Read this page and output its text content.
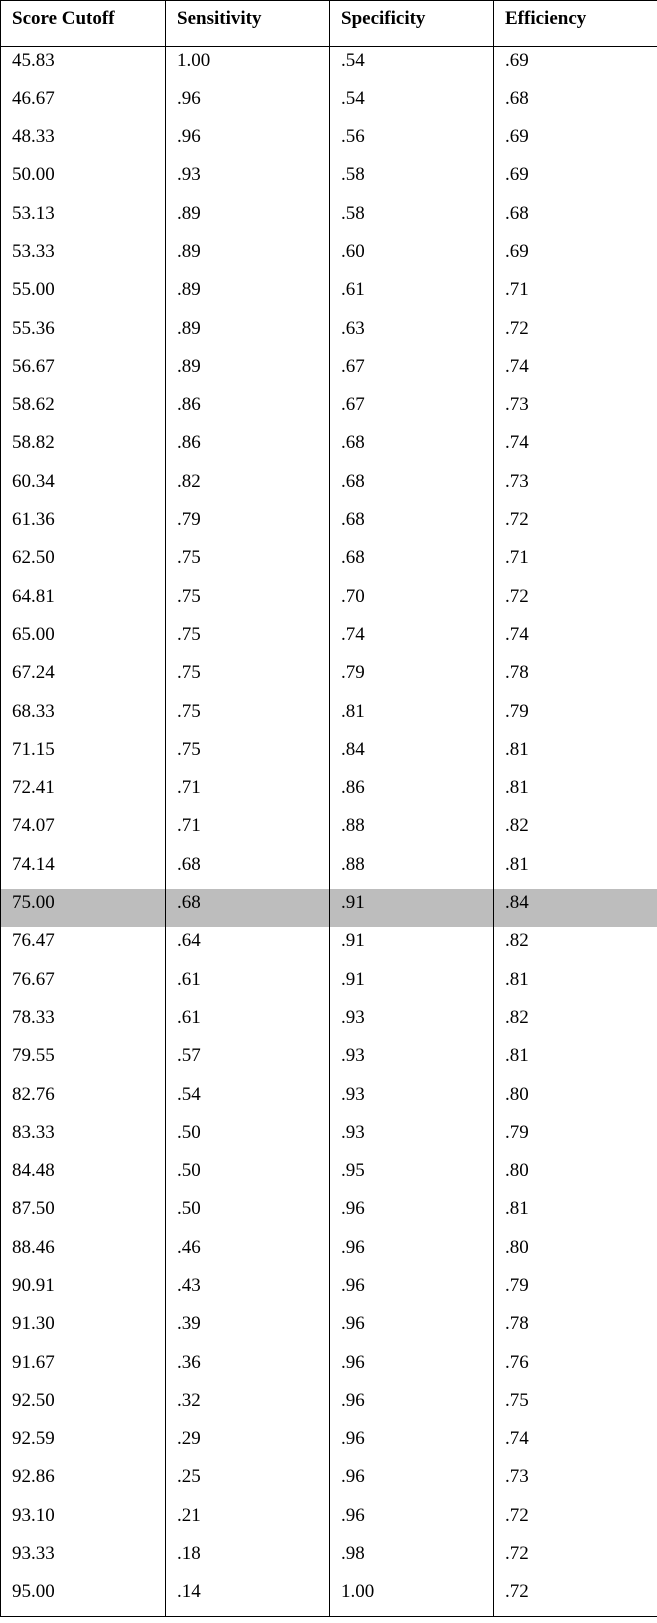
Score Cutoff	Sensitivity	Specificity	Efficiency
45.83	1.00	.54	.69
46.67	.96	.54	.68
48.33	.96	.56	.69
50.00	.93	.58	.69
53.13	.89	.58	.68
53.33	.89	.60	.69
55.00	.89	.61	.71
55.36	.89	.63	.72
56.67	.89	.67	.74
58.62	.86	.67	.73
58.82	.86	.68	.74
60.34	.82	.68	.73
61.36	.79	.68	.72
62.50	.75	.68	.71
64.81	.75	.70	.72
65.00	.75	.74	.74
67.24	.75	.79	.78
68.33	.75	.81	.79
71.15	.75	.84	.81
72.41	.71	.86	.81
74.07	.71	.88	.82
74.14	.68	.88	.81
75.00	.68	.91	.84
76.47	.64	.91	.82
76.67	.61	.91	.81
78.33	.61	.93	.82
79.55	.57	.93	.81
82.76	.54	.93	.80
83.33	.50	.93	.79
84.48	.50	.95	.80
87.50	.50	.96	.81
88.46	.46	.96	.80
90.91	.43	.96	.79
91.30	.39	.96	.78
91.67	.36	.96	.76
92.50	.32	.96	.75
92.59	.29	.96	.74
92.86	.25	.96	.73
93.10	.21	.96	.72
93.33	.18	.98	.72
95.00	.14	1.00	.72
